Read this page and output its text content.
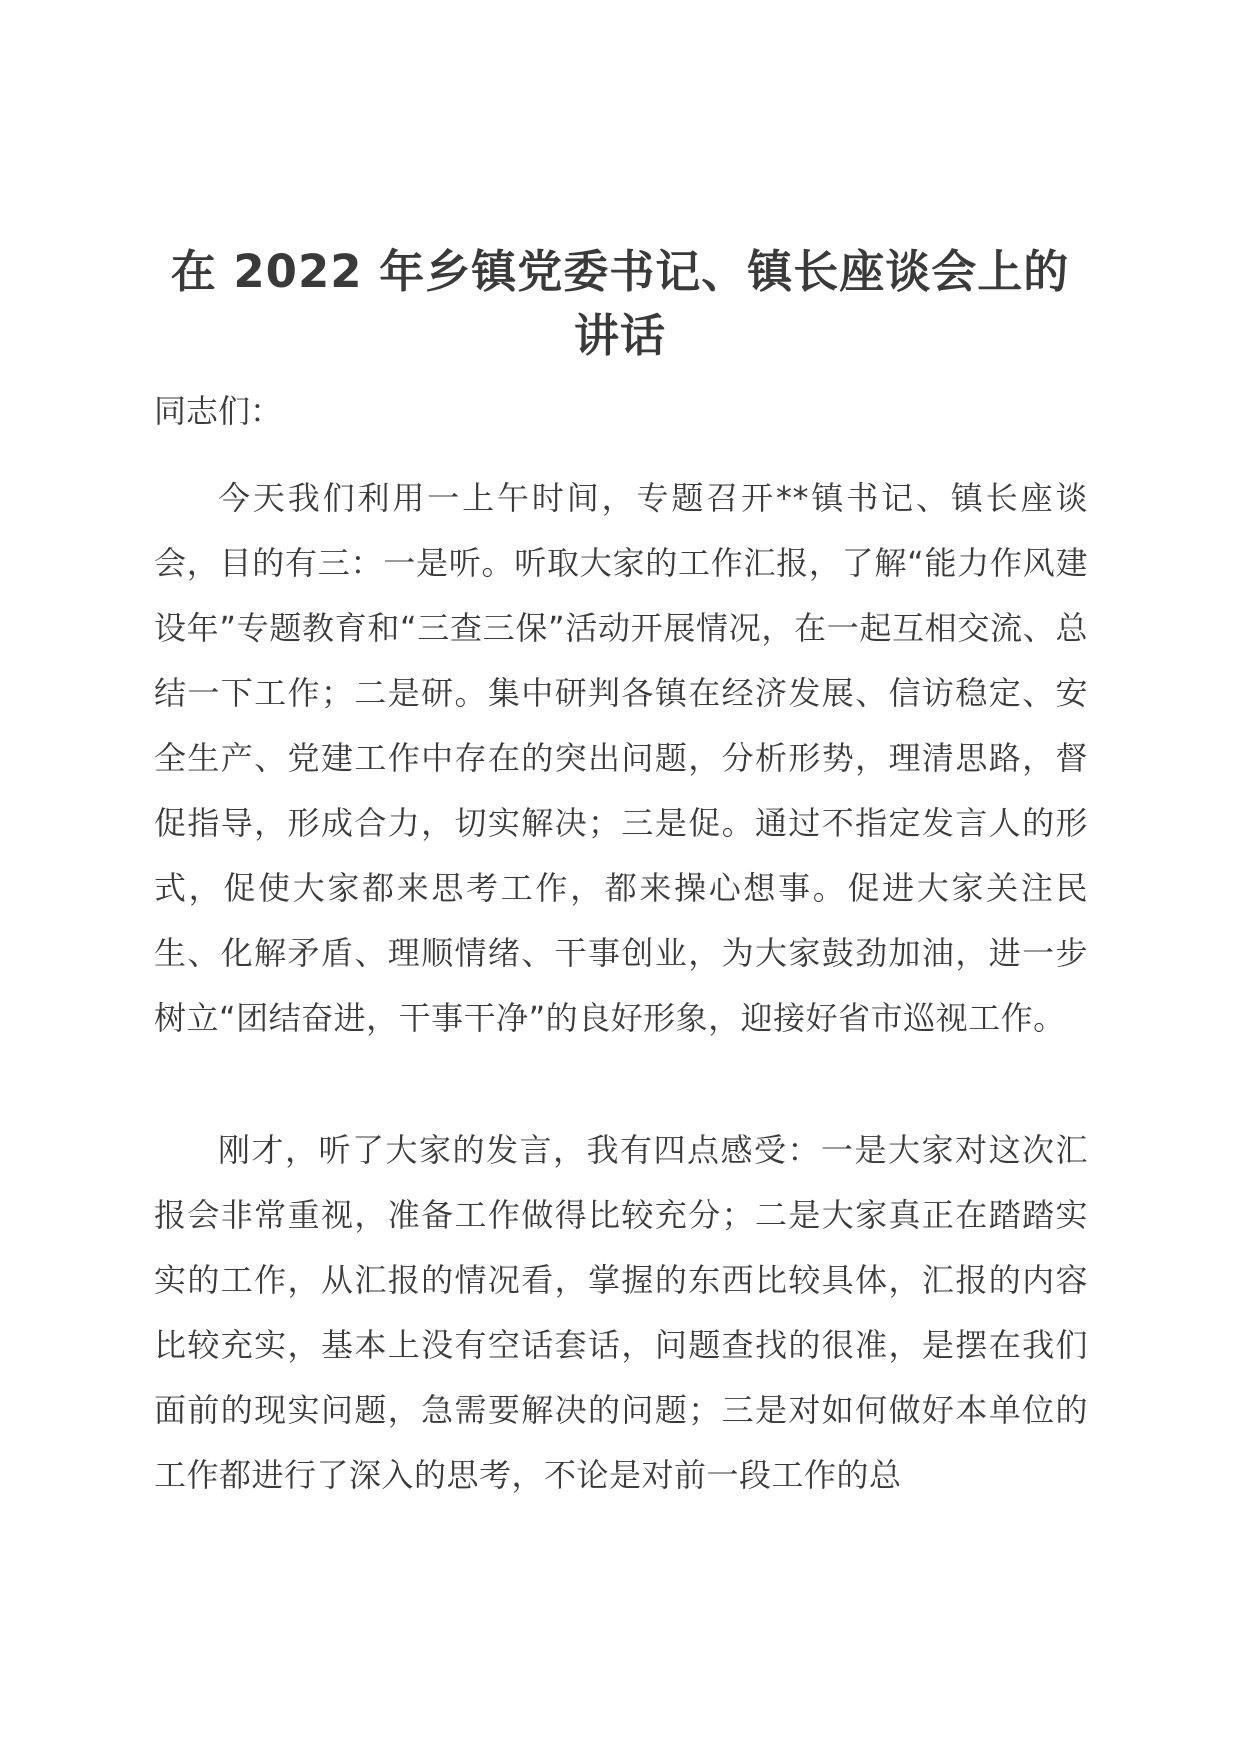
在 2022 年乡镇党委书记、镇长座谈会上的讲话

同志们：

今天我们利用一上午时间，专题召开**镇书记、镇长座谈会，目的有三：一是听。听取大家的工作汇报，了解“能力作风建设年”专题教育和“三查三保”活动开展情况，在一起互相交流、总结一下工作；二是研。集中研判各镇在经济发展、信访稳定、安全生产、党建工作中存在的突出问题，分析形势，理清思路，督促指导，形成合力，切实解决；三是促。通过不指定发言人的形式，促使大家都来思考工作，都来操心想事。促进大家关注民生、化解矛盾、理顺情绪、干事创业，为大家鼓劲加油，进一步树立“团结奋进，干事干净”的良好形象，迎接好省市巡视工作。

刚才，听了大家的发言，我有四点感受：一是大家对这次汇报会非常重视，准备工作做得比较充分；二是大家真正在踏踏实实的工作，从汇报的情况看，掌握的东西比较具体，汇报的内容比较充实，基本上没有空话套话，问题查找的很准，是摆在我们面前的现实问题，急需要解决的问题；三是对如何做好本单位的工作都进行了深入的思考，不论是对前一段工作的总
